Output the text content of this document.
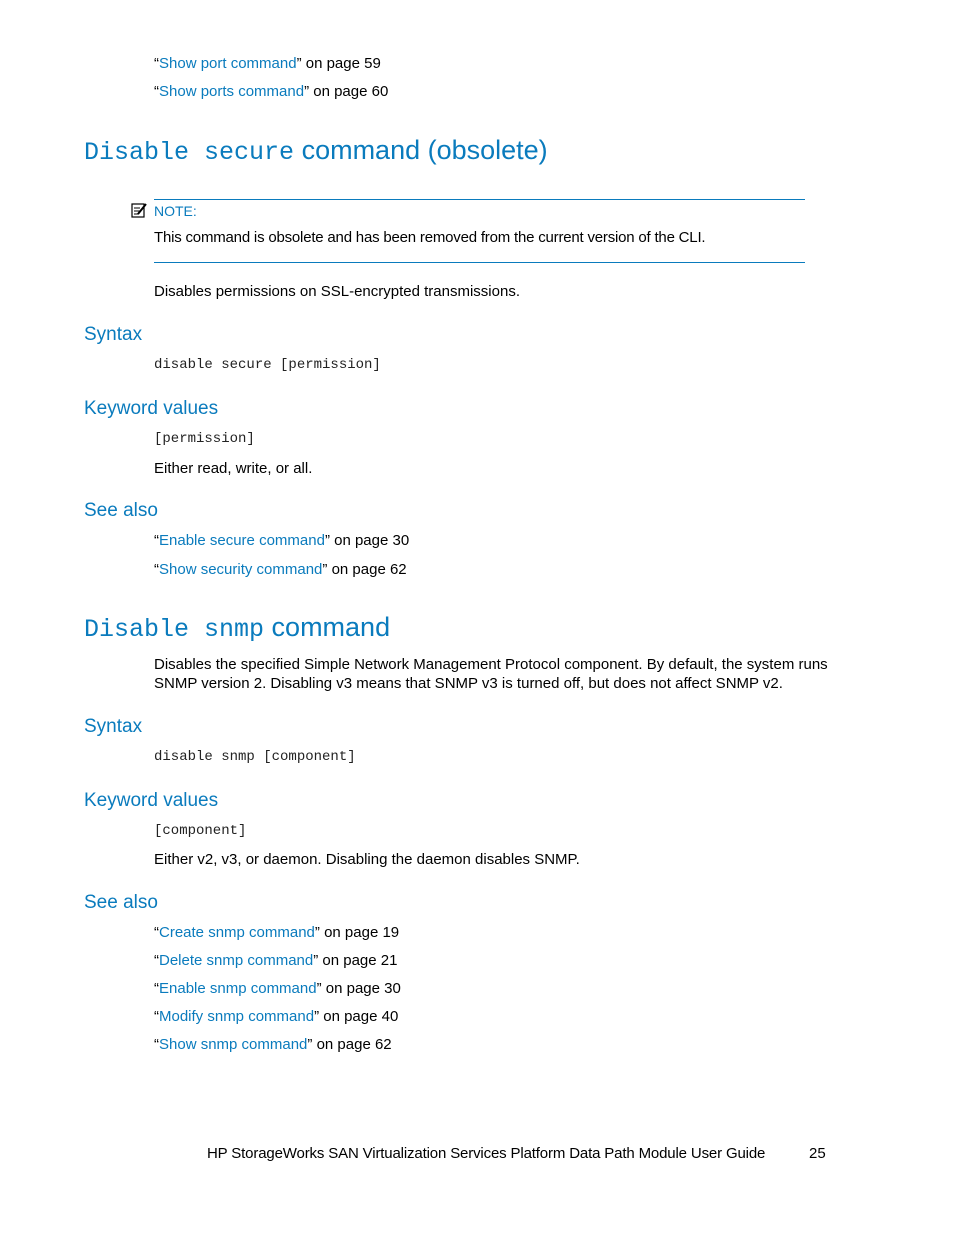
“Show port command” on page 59
“Show ports command” on page 60
Disable secure command (obsolete)
NOTE:
This command is obsolete and has been removed from the current version of the CLI.
Disables permissions on SSL-encrypted transmissions.
Syntax
disable secure [permission]
Keyword values
[permission]
Either read, write, or all.
See also
“Enable secure command” on page 30
“Show security command” on page 62
Disable snmp command
Disables the specified Simple Network Management Protocol component. By default, the system runs SNMP version 2. Disabling v3 means that SNMP v3 is turned off, but does not affect SNMP v2.
Syntax
disable snmp [component]
Keyword values
[component]
Either v2, v3, or daemon. Disabling the daemon disables SNMP.
See also
“Create snmp command” on page 19
“Delete snmp command” on page 21
“Enable snmp command” on page 30
“Modify snmp command” on page 40
“Show snmp command” on page 62
HP StorageWorks SAN Virtualization Services Platform Data Path Module User Guide	25
